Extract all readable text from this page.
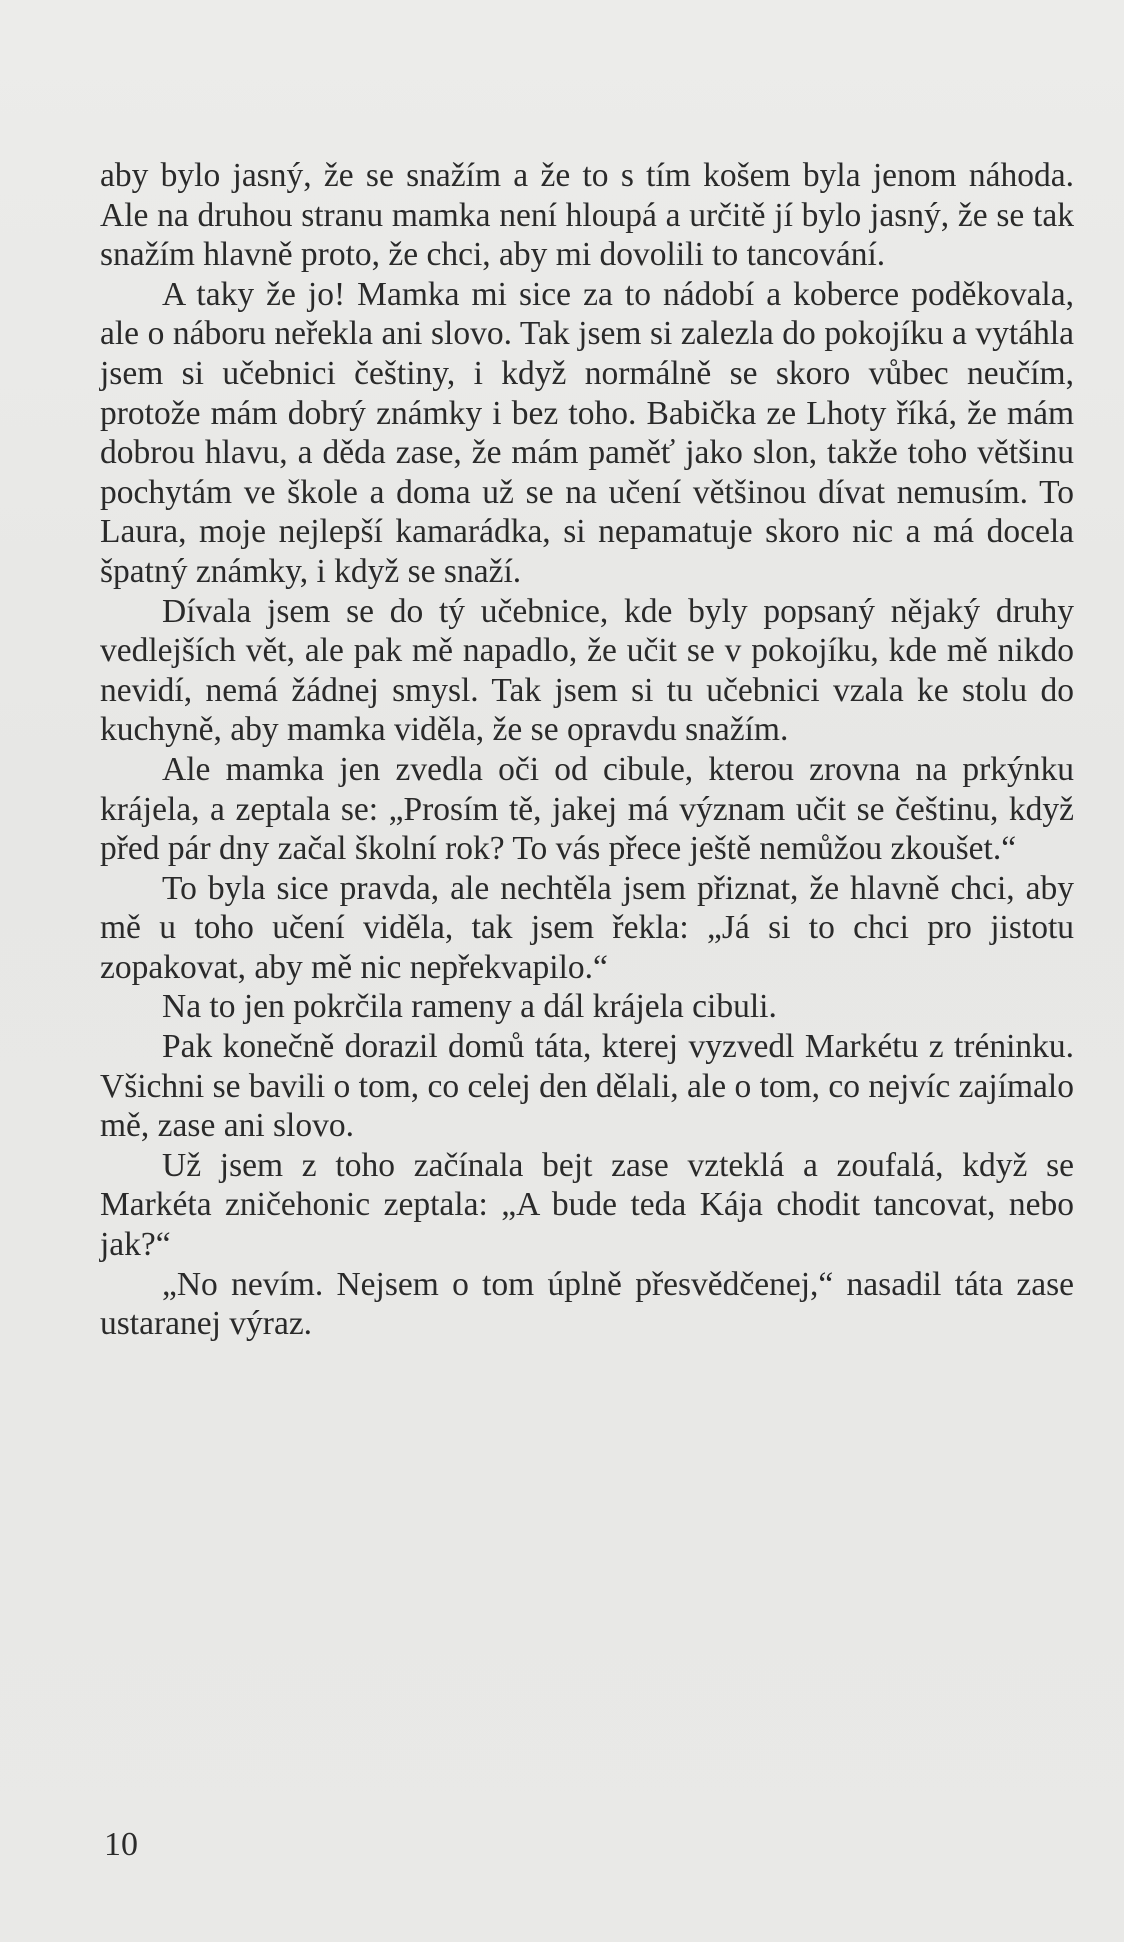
aby bylo jasný, že se snažím a že to s tím košem byla jenom náhoda. Ale na druhou stranu mamka není hloupá a určitě jí bylo jasný, že se tak snažím hlavně proto, že chci, aby mi dovolili to tancování.

A taky že jo! Mamka mi sice za to nádobí a koberce poděkovala, ale o náboru neřekla ani slovo. Tak jsem si zalezla do pokojíku a vytáhla jsem si učebnici češtiny, i když normálně se skoro vůbec neučím, protože mám dobrý známky i bez toho. Babička ze Lhoty říká, že mám dobrou hlavu, a děda zase, že mám paměť jako slon, takže toho většinu pochytám ve škole a doma už se na učení většinou dívat nemusím. To Laura, moje nejlepší kamarádka, si nepamatuje skoro nic a má docela špatný známky, i když se snaží.

Dívala jsem se do tý učebnice, kde byly popsaný nějaký druhy vedlejších vět, ale pak mě napadlo, že učit se v pokojíku, kde mě nikdo nevidí, nemá žádnej smysl. Tak jsem si tu učebnici vzala ke stolu do kuchyně, aby mamka viděla, že se opravdu snažím.

Ale mamka jen zvedla oči od cibule, kterou zrovna na prkýnku krájela, a zeptala se: „Prosím tě, jakej má význam učit se češtinu, když před pár dny začal školní rok? To vás přece ještě nemůžou zkoušet.“

To byla sice pravda, ale nechtěla jsem přiznat, že hlavně chci, aby mě u toho učení viděla, tak jsem řekla: „Já si to chci pro jistotu zopakovat, aby mě nic nepřekvapilo.“

Na to jen pokrčila rameny a dál krájela cibuli.

Pak konečně dorazil domů táta, kterej vyzvedl Markétu z tréninku. Všichni se bavili o tom, co celej den dělali, ale o tom, co nejvíc zajímalo mě, zase ani slovo.

Už jsem z toho začínala bejt zase vzteklá a zoufalá, když se Markéta zničehonic zeptala: „A bude teda Kája chodit tancovat, nebo jak?“

„No nevím. Nejsem o tom úplně přesvědčenej,“ nasadil táta zase ustaranej výraz.

10
